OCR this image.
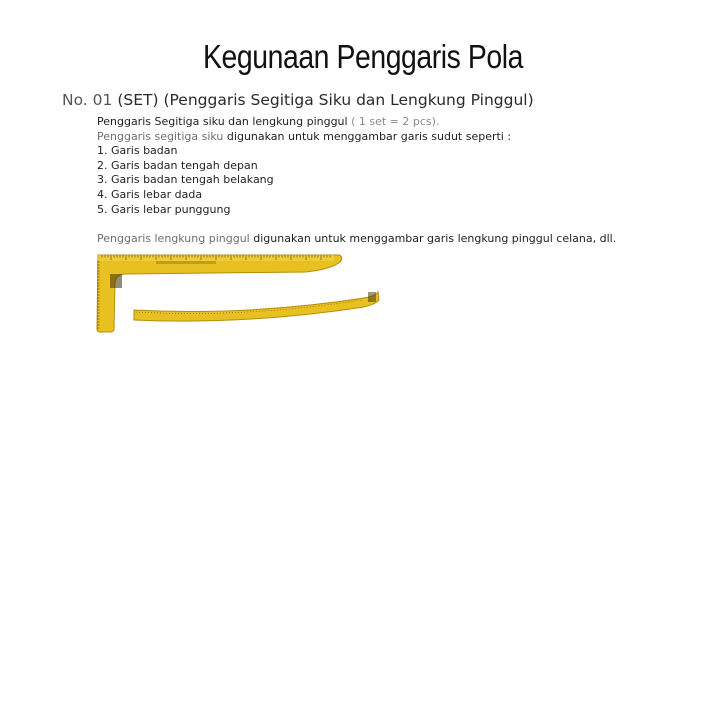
Kegunaan Penggaris Pola
No. 01 (SET) (Penggaris Segitiga Siku dan Lengkung Pinggul)

Penggaris Segitiga siku dan lengkung pinggul ( 1 set = 2 pcs).

Penggaris segitiga siku digunakan untuk menggambar garis sudut seperti :

1. Garis badan
2. Garis badan tengah depan
3. Garis badan tengah belakang
4. Garis lebar dada
5. Garis lebar punggung

Penggaris lengkung pinggul digunakan untuk menggambar garis lengkung pinggul celana, dll.
